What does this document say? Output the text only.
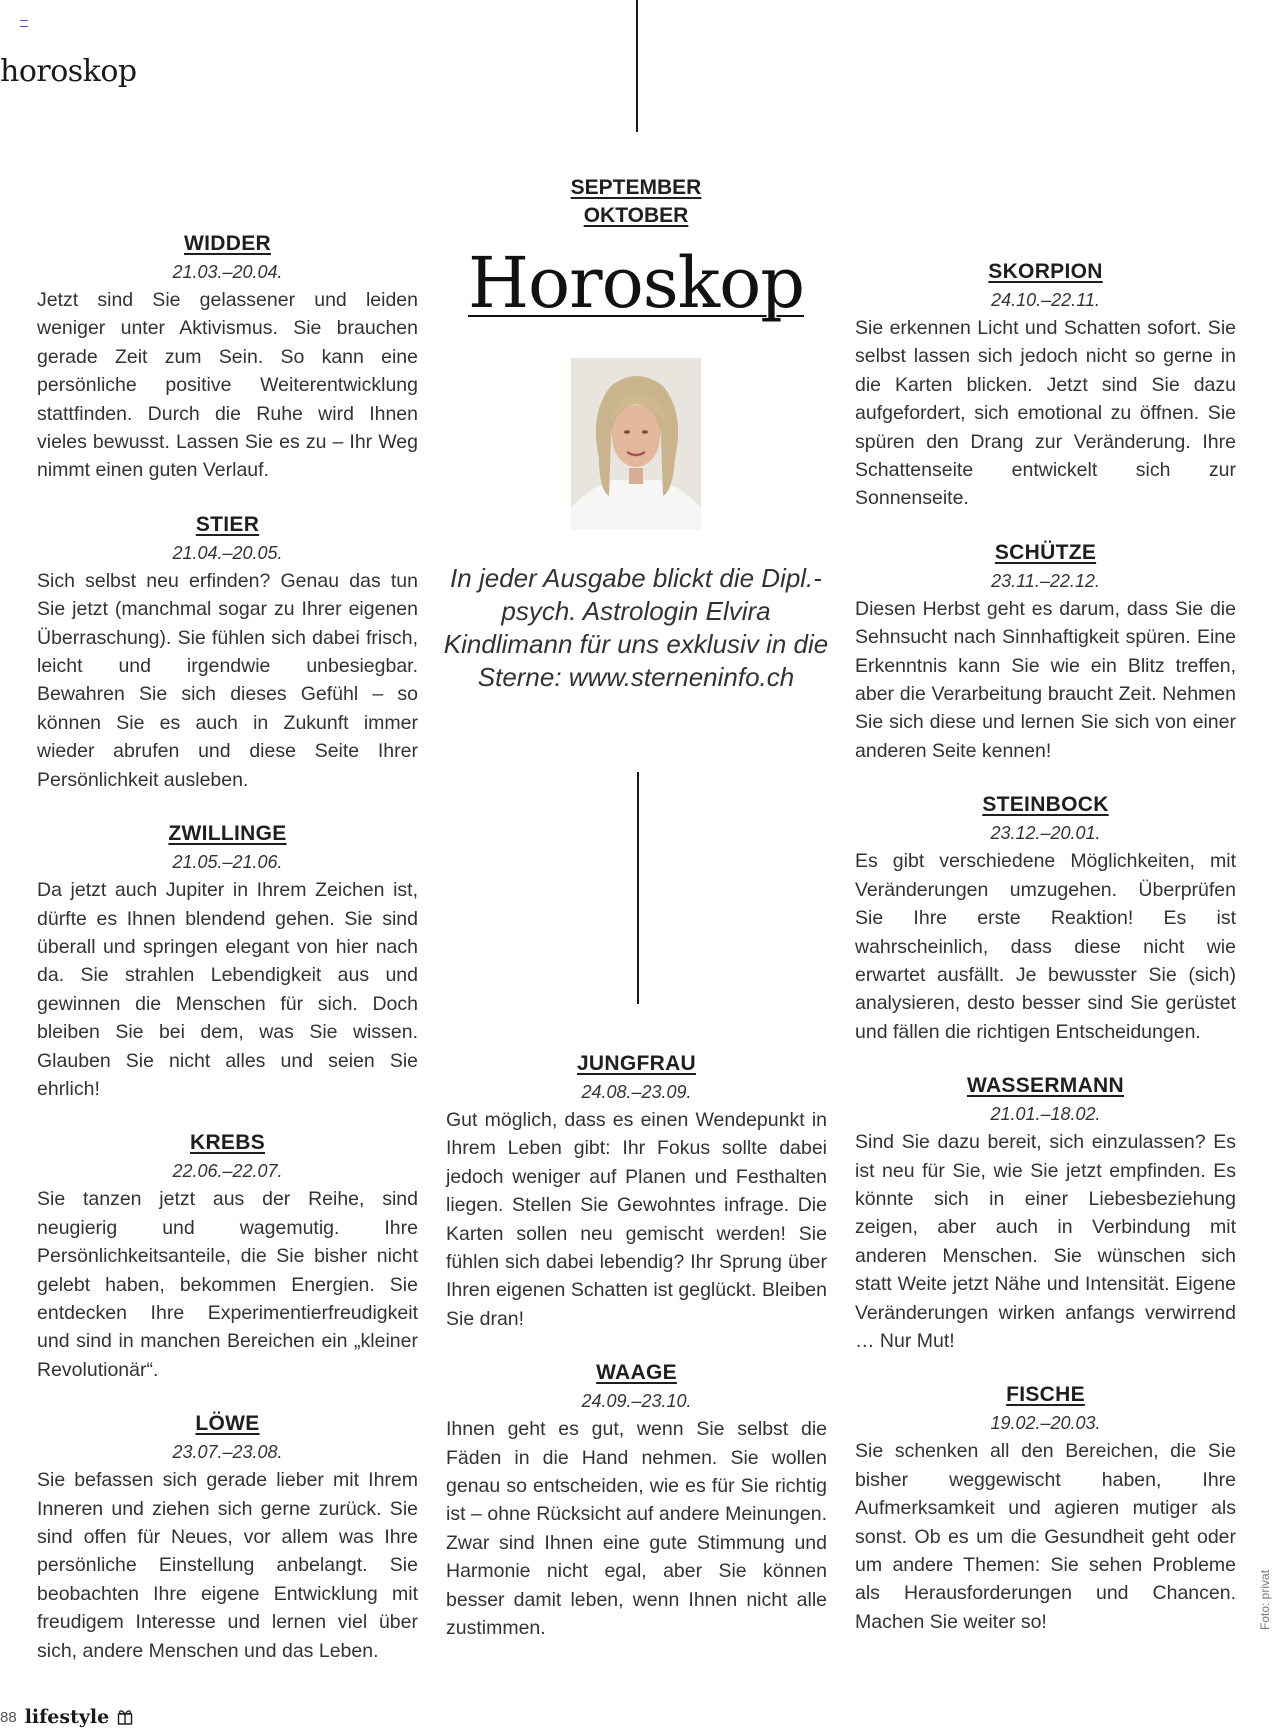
horoskop
WIDDER
21.03.–20.04.
Jetzt sind Sie gelassener und leiden weniger unter Aktivismus. Sie brauchen gerade Zeit zum Sein. So kann eine persönliche positive Weiterentwicklung stattfinden. Durch die Ruhe wird Ihnen vieles bewusst. Lassen Sie es zu – Ihr Weg nimmt einen guten Verlauf.
STIER
21.04.–20.05.
Sich selbst neu erfinden? Genau das tun Sie jetzt (manchmal sogar zu Ihrer eigenen Überraschung). Sie fühlen sich dabei frisch, leicht und irgendwie unbesiegbar. Bewahren Sie sich dieses Gefühl – so können Sie es auch in Zukunft immer wieder abrufen und diese Seite Ihrer Persönlichkeit ausleben.
ZWILLINGE
21.05.–21.06.
Da jetzt auch Jupiter in Ihrem Zeichen ist, dürfte es Ihnen blendend gehen. Sie sind überall und springen elegant von hier nach da. Sie strahlen Lebendigkeit aus und gewinnen die Menschen für sich. Doch bleiben Sie bei dem, was Sie wissen. Glauben Sie nicht alles und seien Sie ehrlich!
KREBS
22.06.–22.07.
Sie tanzen jetzt aus der Reihe, sind neugierig und wagemutig. Ihre Persönlichkeitsanteile, die Sie bisher nicht gelebt haben, bekommen Energien. Sie entdecken Ihre Experimentierfreudigkeit und sind in manchen Bereichen ein „kleiner Revolutionär“.
LÖWE
23.07.–23.08.
Sie befassen sich gerade lieber mit Ihrem Inneren und ziehen sich gerne zurück. Sie sind offen für Neues, vor allem was Ihre persönliche Einstellung anbelangt. Sie beobachten Ihre eigene Entwicklung mit freudigem Interesse und lernen viel über sich, andere Menschen und das Leben.
SEPTEMBER
OKTOBER
Horoskop
In jeder Ausgabe blickt die Dipl.-psych. Astrologin Elvira Kindlimann für uns exklusiv in die Sterne: www.sterneninfo.ch
JUNGFRAU
24.08.–23.09.
Gut möglich, dass es einen Wendepunkt in Ihrem Leben gibt: Ihr Fokus sollte dabei jedoch weniger auf Planen und Festhalten liegen. Stellen Sie Gewohntes infrage. Die Karten sollen neu gemischt werden! Sie fühlen sich dabei lebendig? Ihr Sprung über Ihren eigenen Schatten ist geglückt. Bleiben Sie dran!
WAAGE
24.09.–23.10.
Ihnen geht es gut, wenn Sie selbst die Fäden in die Hand nehmen. Sie wollen genau so entscheiden, wie es für Sie richtig ist – ohne Rücksicht auf andere Meinungen. Zwar sind Ihnen eine gute Stimmung und Harmonie nicht egal, aber Sie können besser damit leben, wenn Ihnen nicht alle zustimmen.
SKORPION
24.10.–22.11.
Sie erkennen Licht und Schatten sofort. Sie selbst lassen sich jedoch nicht so gerne in die Karten blicken. Jetzt sind Sie dazu aufgefordert, sich emotional zu öffnen. Sie spüren den Drang zur Veränderung. Ihre Schattenseite entwickelt sich zur Sonnenseite.
SCHÜTZE
23.11.–22.12.
Diesen Herbst geht es darum, dass Sie die Sehnsucht nach Sinnhaftigkeit spüren. Eine Erkenntnis kann Sie wie ein Blitz treffen, aber die Verarbeitung braucht Zeit. Nehmen Sie sich diese und lernen Sie sich von einer anderen Seite kennen!
STEINBOCK
23.12.–20.01.
Es gibt verschiedene Möglichkeiten, mit Veränderungen umzugehen. Überprüfen Sie Ihre erste Reaktion! Es ist wahrscheinlich, dass diese nicht wie erwartet ausfällt. Je bewusster Sie (sich) analysieren, desto besser sind Sie gerüstet und fällen die richtigen Entscheidungen.
WASSERMANN
21.01.–18.02.
Sind Sie dazu bereit, sich einzulassen? Es ist neu für Sie, wie Sie jetzt empfinden. Es könnte sich in einer Liebesbeziehung zeigen, aber auch in Verbindung mit anderen Menschen. Sie wünschen sich statt Weite jetzt Nähe und Intensität. Eigene Veränderungen wirken anfangs verwirrend … Nur Mut!
FISCHE
19.02.–20.03.
Sie schenken all den Bereichen, die Sie bisher weggewischt haben, Ihre Aufmerksamkeit und agieren mutiger als sonst. Ob es um die Gesundheit geht oder um andere Themen: Sie sehen Probleme als Herausforderungen und Chancen. Machen Sie weiter so!	Foto: privat
88 lifestyle
